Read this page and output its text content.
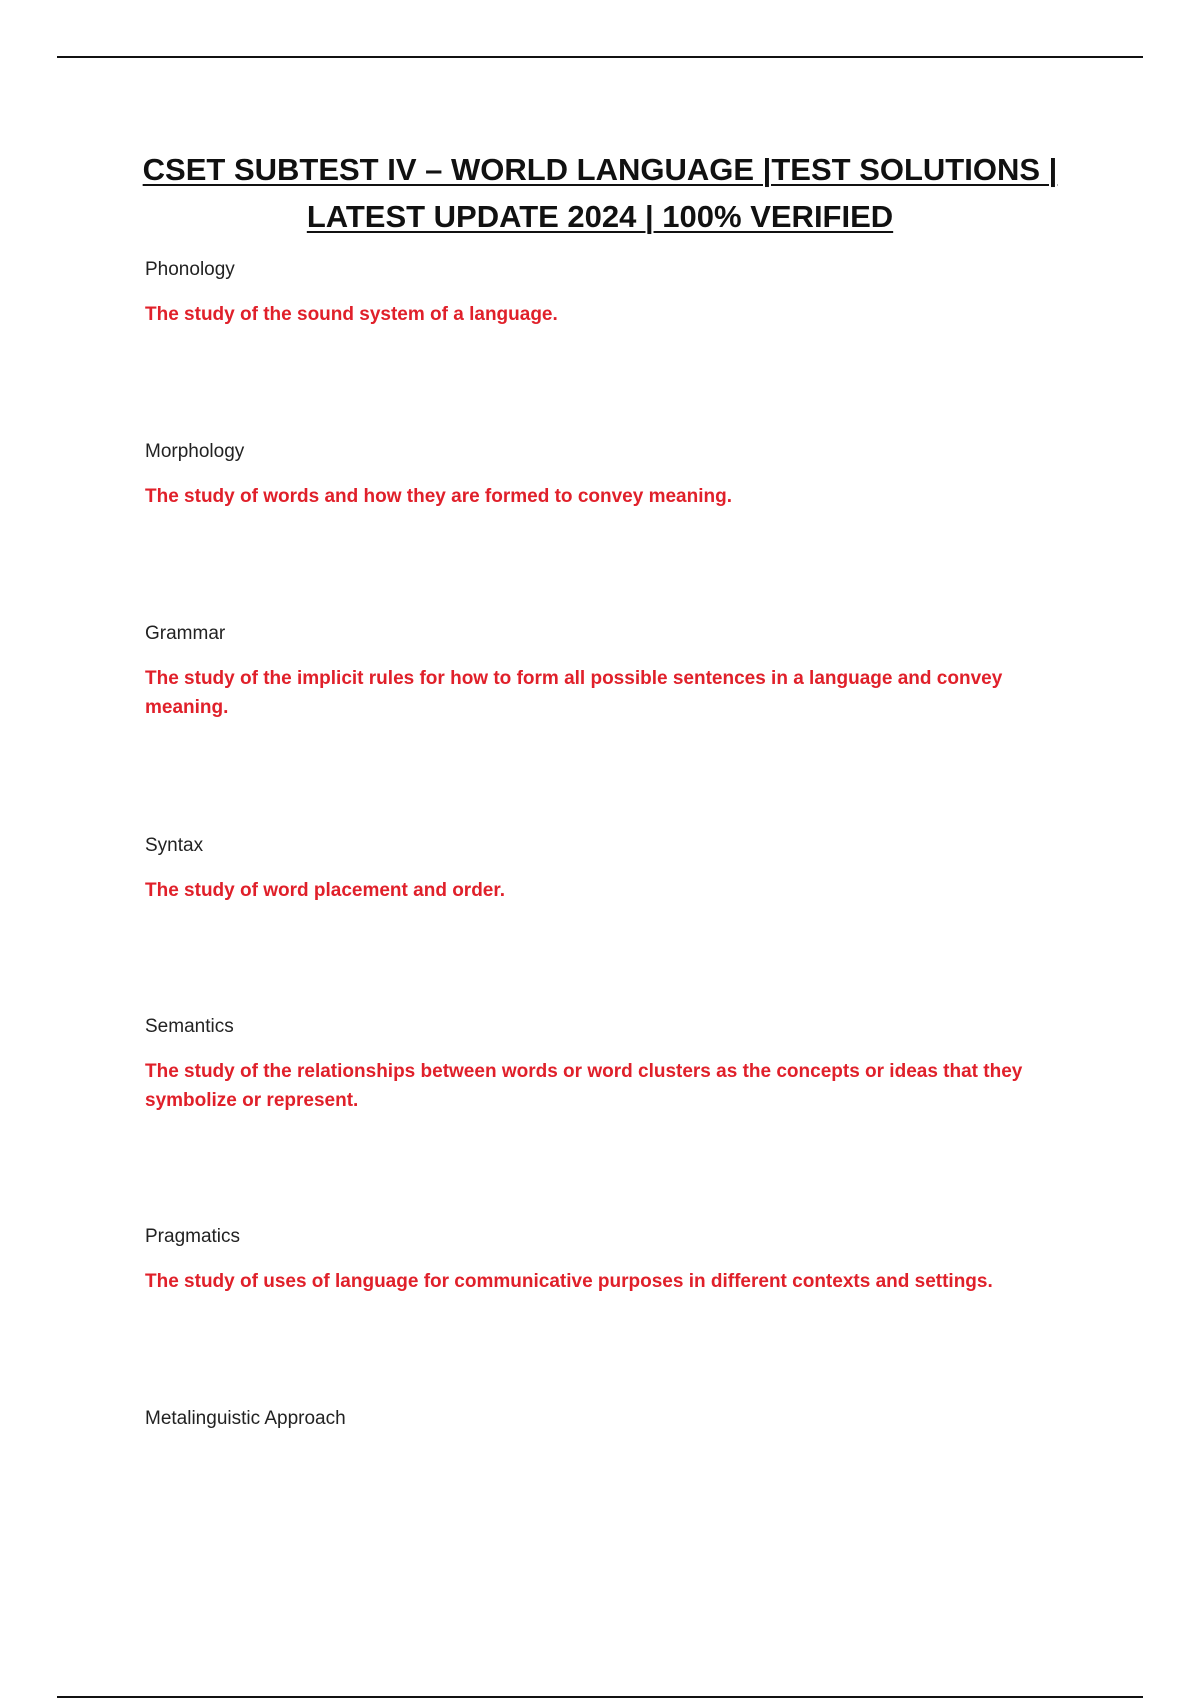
CSET SUBTEST IV – WORLD LANGUAGE |TEST SOLUTIONS |
LATEST UPDATE 2024 | 100% VERIFIED

Phonology

The study of the sound system of a language.

Morphology

The study of words and how they are formed to convey meaning.

Grammar

The study of the implicit rules for how to form all possible sentences in a language and convey meaning.

Syntax

The study of word placement and order.

Semantics

The study of the relationships between words or word clusters as the concepts or ideas that they symbolize or represent.

Pragmatics

The study of uses of language for communicative purposes in different contexts and settings.

Metalinguistic Approach
